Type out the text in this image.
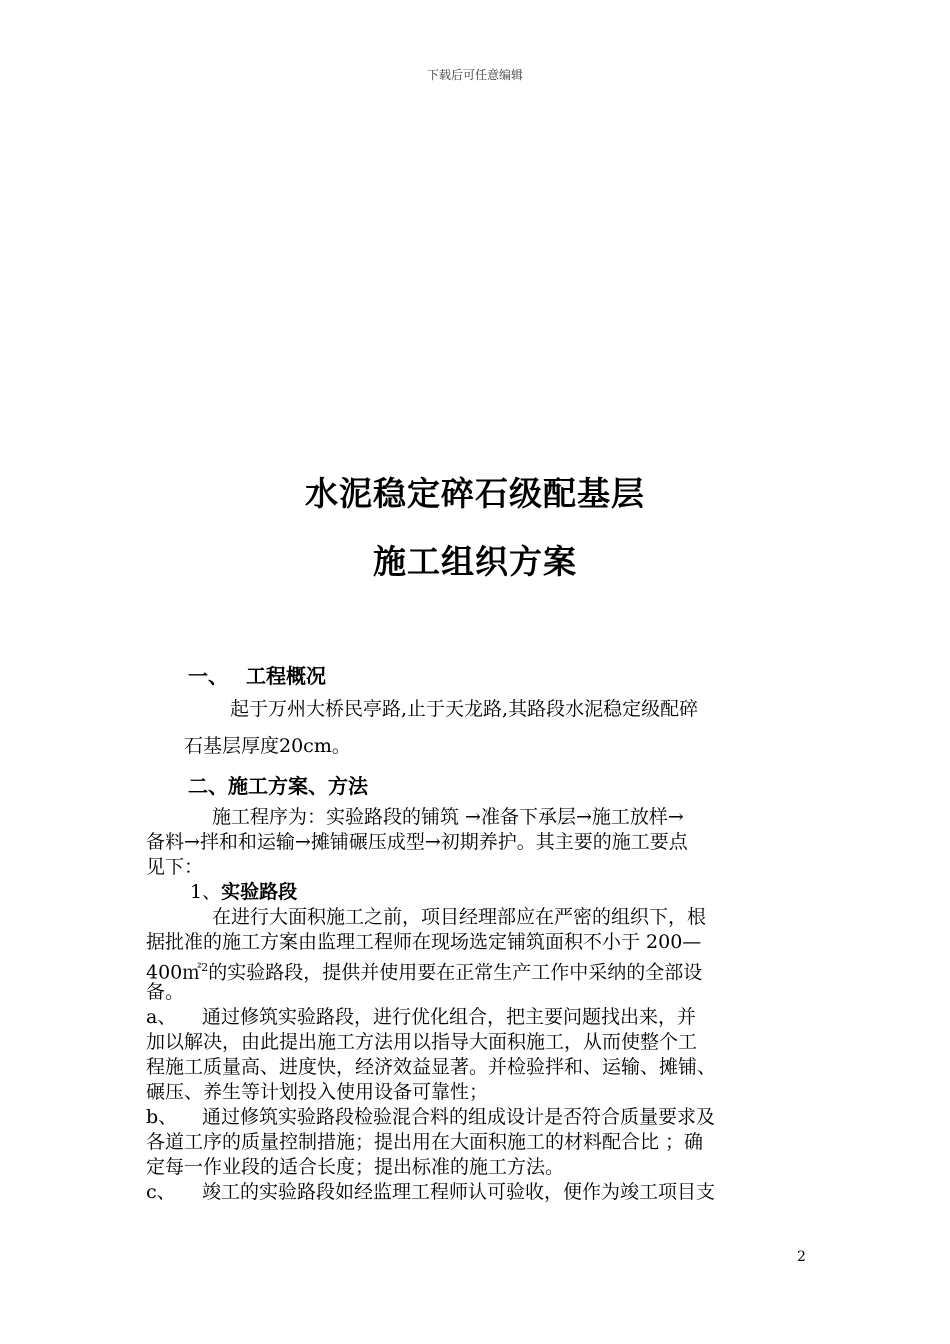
下载后可任意编辑
水泥稳定碎石级配基层
施工组织方案
一、 工程概况
起于万州大桥民亭路,止于天龙路,其路段水泥稳定级配碎
石基层厚度20cm。
二、施工方案、方法
施工程序为：实验路段的铺筑 →准备下承层→施工放样→
备料→拌和和运输→摊铺碾压成型→初期养护。其主要的施工要点
见下：
1、实验路段
在进行大面积施工之前，项目经理部应在严密的组织下，根
据批准的施工方案由监理工程师在现场选定铺筑面积不小于 200—
400㎡$^2$的实验路段，提供并使用要在正常生产工作中采纳的全部设
备。
a、 通过修筑实验路段，进行优化组合，把主要问题找出来，并
加以解决，由此提出施工方法用以指导大面积施工，从而使整个工
程施工质量高、进度快，经济效益显著。并检验拌和、运输、摊铺、
碾压、养生等计划投入使用设备可靠性；
b、 通过修筑实验路段检验混合料的组成设计是否符合质量要求及
各道工序的质量控制措施；提出用在大面积施工的材料配合比 ；确
定每一作业段的适合长度；提出标准的施工方法。
c、 竣工的实验路段如经监理工程师认可验收，便作为竣工项目支
2
